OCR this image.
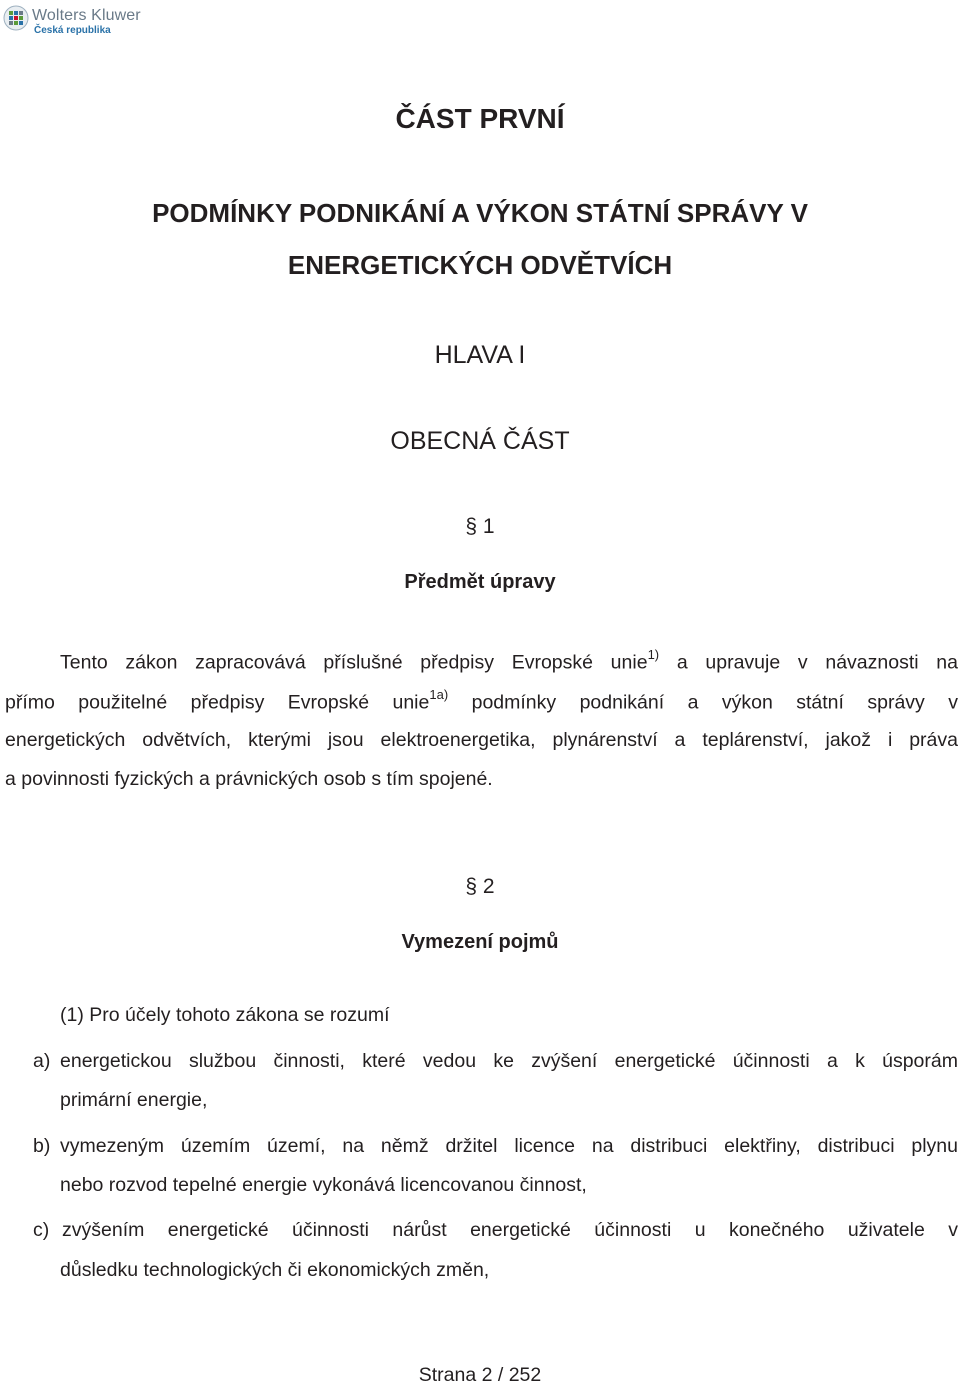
Wolters Kluwer
Česká republika
ČÁST PRVNÍ
PODMÍNKY PODNIKÁNÍ A VÝKON STÁTNÍ SPRÁVY V
ENERGETICKÝCH ODVĚTVÍCH
HLAVA I
OBECNÁ ČÁST
§ 1
Předmět úpravy
Tento zákon zapracovává příslušné předpisy Evropské unie$^{1)}$ a upravuje v návaznosti na
přímo použitelné předpisy Evropské unie$^{1a)}$ podmínky podnikání a výkon státní správy v
energetických odvětvích, kterými jsou elektroenergetika, plynárenství a teplárenství, jakož i práva
a povinnosti fyzických a právnických osob s tím spojené.
§ 2
Vymezení pojmů
(1) Pro účely tohoto zákona se rozumí
a) energetickou službou činnosti, které vedou ke zvýšení energetické účinnosti a k úsporám
primární energie,
b) vymezeným územím území, na němž držitel licence na distribuci elektřiny, distribuci plynu
nebo rozvod tepelné energie vykonává licencovanou činnost,
c) zvýšením energetické účinnosti nárůst energetické účinnosti u konečného uživatele v
důsledku technologických či ekonomických změn,
Strana 2 / 252
